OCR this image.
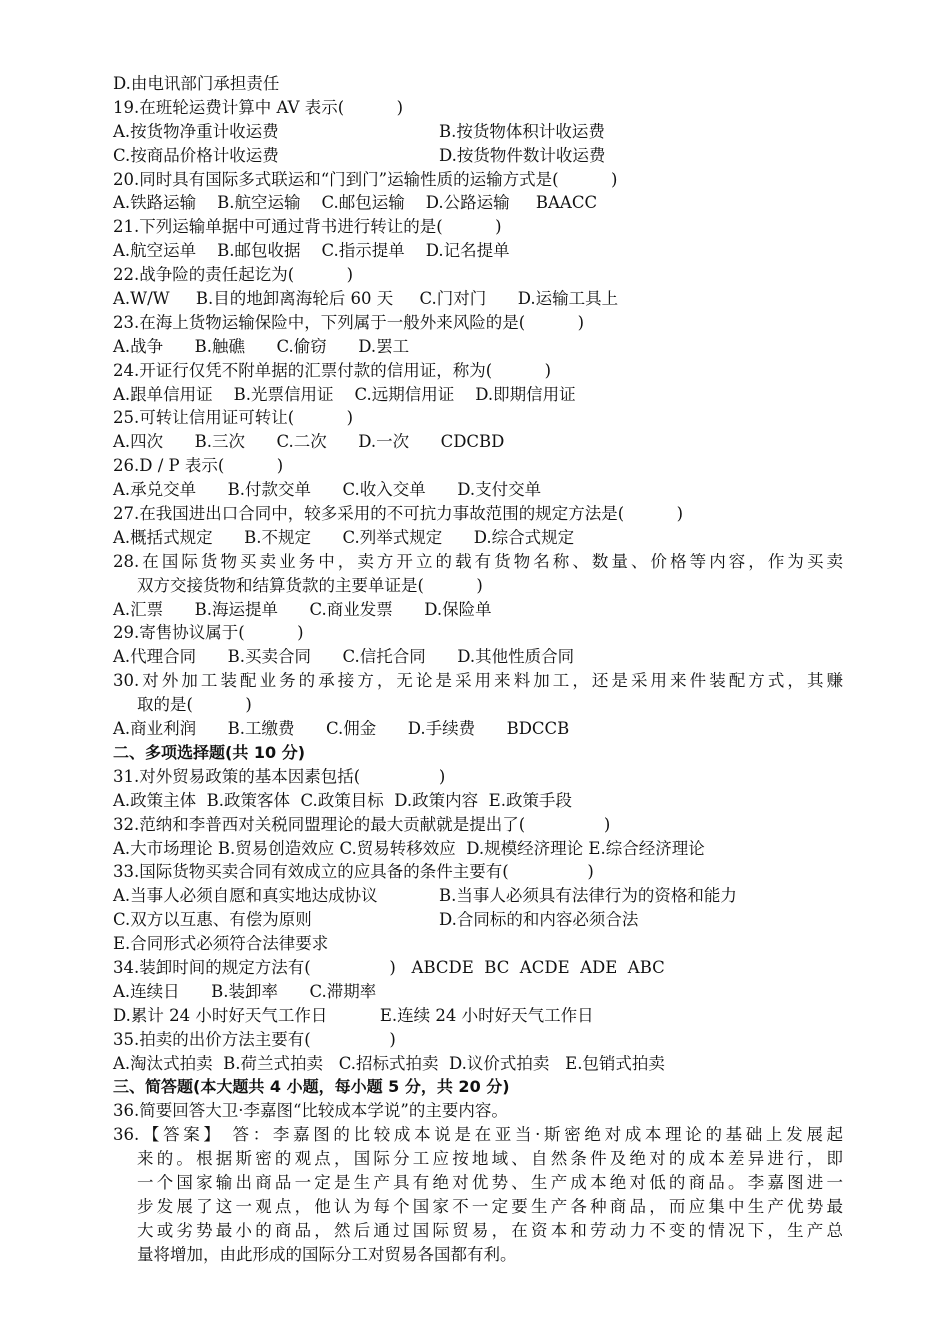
D.由电讯部门承担责任
19.在班轮运费计算中 AV 表示(          )
A.按货物净重计收运费	B.按货物体积计收运费
C.按商品价格计收运费	D.按货物件数计收运费
20.同时具有国际多式联运和“门到门”运输性质的运输方式是(          )
A.铁路运输    B.航空运输    C.邮包运输    D.公路运输     BAACC
21.下列运输单据中可通过背书进行转让的是(          )
A.航空运单    B.邮包收据    C.指示提单    D.记名提单
22.战争险的责任起讫为(          )
A.W/W     B.目的地卸离海轮后 60 天     C.门对门      D.运输工具上
23.在海上货物运输保险中，下列属于一般外来风险的是(          )
A.战争      B.触礁      C.偷窃      D.罢工
24.开证行仅凭不附单据的汇票付款的信用证，称为(          )
A.跟单信用证    B.光票信用证    C.远期信用证    D.即期信用证
25.可转让信用证可转让(          )
A.四次      B.三次      C.二次      D.一次      CDCBD
26.D / P 表示(          )
A.承兑交单      B.付款交单      C.收入交单      D.支付交单
27.在我国进出口合同中，较多采用的不可抗力事故范围的规定方法是(          )
A.概括式规定      B.不规定      C.列举式规定      D.综合式规定
28.在国际货物买卖业务中，卖方开立的载有货物名称、数量、价格等内容，作为买卖
双方交接货物和结算货款的主要单证是(          )
A.汇票      B.海运提单      C.商业发票      D.保险单
29.寄售协议属于(          )
A.代理合同      B.买卖合同      C.信托合同      D.其他性质合同
30.对外加工装配业务的承接方，无论是采用来料加工，还是采用来件装配方式，其赚
取的是(          )
A.商业利润      B.工缴费      C.佣金      D.手续费      BDCCB
二、多项选择题(共 10 分)
31.对外贸易政策的基本因素包括(               )
A.政策主体  B.政策客体  C.政策目标  D.政策内容  E.政策手段
32.范纳和李普西对关税同盟理论的最大贡献就是提出了(               )
A.大市场理论 B.贸易创造效应 C.贸易转移效应  D.规模经济理论 E.综合经济理论
33.国际货物买卖合同有效成立的应具备的条件主要有(               )
A.当事人必须自愿和真实地达成协议	B.当事人必须具有法律行为的资格和能力
C.双方以互惠、有偿为原则	D.合同标的和内容必须合法
E.合同形式必须符合法律要求
34.装卸时间的规定方法有(               )   ABCDE  BC  ACDE  ADE  ABC
A.连续日      B.装卸率      C.滞期率
D.累计 24 小时好天气工作日          E.连续 24 小时好天气工作日
35.拍卖的出价方法主要有(               )
A.淘汰式拍卖  B.荷兰式拍卖   C.招标式拍卖  D.议价式拍卖   E.包销式拍卖
三、简答题(本大题共 4 小题，每小题 5 分，共 20 分)
36.简要回答大卫·李嘉图“比较成本学说”的主要内容。
36.【答案】 答：李嘉图的比较成本说是在亚当·斯密绝对成本理论的基础上发展起
来的。根据斯密的观点，国际分工应按地域、自然条件及绝对的成本差异进行，即
一个国家输出商品一定是生产具有绝对优势、生产成本绝对低的商品。李嘉图进一
步发展了这一观点，他认为每个国家不一定要生产各种商品，而应集中生产优势最
大或劣势最小的商品，然后通过国际贸易，在资本和劳动力不变的情况下，生产总
量将增加，由此形成的国际分工对贸易各国都有利。
